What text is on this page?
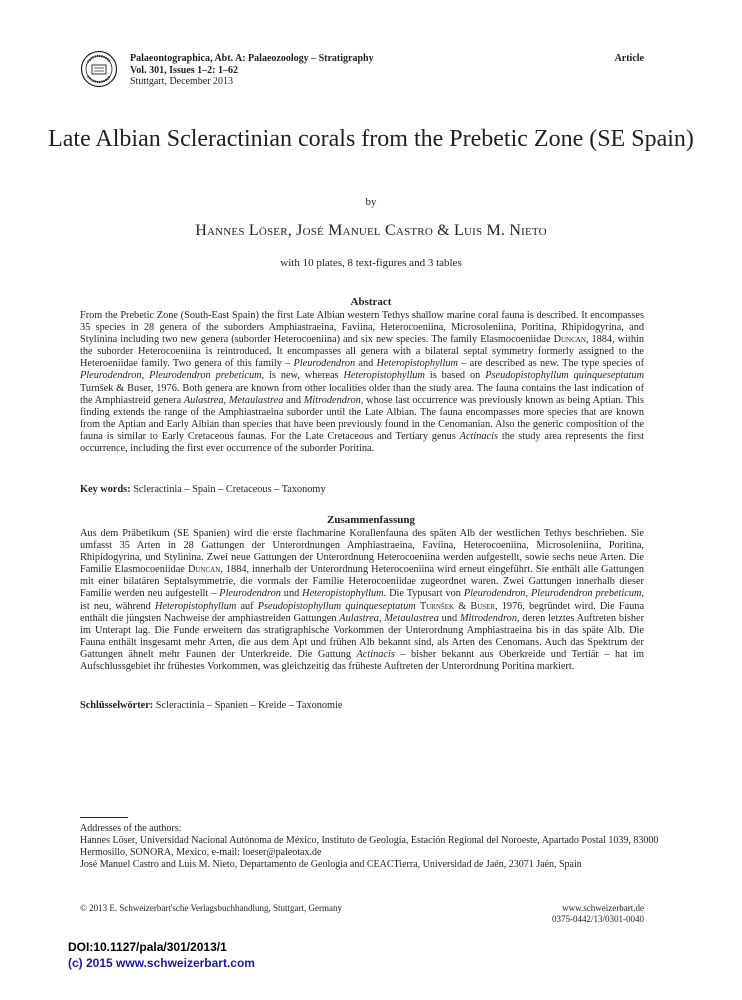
Palaeontographica, Abt. A: Palaeozoology – Stratigraphy
Vol. 301, Issues 1–2: 1–62
Stuttgart, December 2013
Article
Late Albian Scleractinian corals from the Prebetic Zone (SE Spain)
by
Hannes Löser, José Manuel Castro & Luis M. Nieto
with 10 plates, 8 text-figures and 3 tables
Abstract
From the Prebetic Zone (South-East Spain) the first Late Albian western Tethys shallow marine coral fauna is described. It encompasses 35 species in 28 genera of the suborders Amphiastraeina, Faviina, Heterocoeniina, Microsoleniina, Poritina, Rhipidogyrina, and Stylinina including two new genera (suborder Heterocoeniina) and six new species. The family Elasmocoeniidae Duncan, 1884, within the suborder Heterocoeniina is reintroduced. It encompasses all genera with a bilateral septal symmetry formerly assigned to the Heteroeniidae family. Two genera of this family – Pleurodendron and Heteropistophyllum – are described as new. The type species of Pleurodendron, Pleurodendron prebeticum, is new, whereas Heteropistophyllum is based on Pseudopistophyllum quinqueseptatum Turnšek & Buser, 1976. Both genera are known from other localities older than the study area. The fauna contains the last indication of the Amphiastreid genera Aulastrea, Metaulastrea and Mitrodendron, whose last occurrence was previously known as being Aptian. This finding extends the range of the Amphiastraeina suborder until the Late Albian. The fauna encompasses more species that are known from the Aptian and Early Albian than species that have been previously found in the Cenomanian. Also the generic composition of the fauna is similar to Early Cretaceous faunas. For the Late Cretaceous and Tertiary genus Actinacis the study area represents the first occurrence, including the first ever occurrence of the suborder Poritina.
Key words: Scleractinia – Spain – Cretaceous – Taxonomy
Zusammenfassung
Aus dem Präbetikum (SE Spanien) wird die erste flachmarine Korallenfauna des späten Alb der westlichen Tethys beschrieben. Sie umfasst 35 Arten in 28 Gattungen der Unterordnungen Amphiastraeina, Faviina, Heterocoeniina, Microsoleniina, Poritina, Rhipidogyrina, und Stylinina. Zwei neue Gattungen der Unterordnung Heterocoeniina werden aufgestellt, sowie sechs neue Arten. Die Familie Elasmocoeniidae Duncan, 1884, innerhalb der Unterordnung Heterocoeniina wird erneut eingeführt. Sie enthält alle Gattungen mit einer bilatären Septalsymmetrie, die vormals der Familie Heterocoeniidae zugeordnet waren. Zwei Gattungen innerhalb dieser Familie werden neu aufgestellt – Pleurodendron und Heteropistophyllum. Die Typusart von Pleurodendron, Pleurodendron prebeticum, ist neu, während Heteropistophyllum auf Pseudopistophyllum quinqueseptatum Turnšek & Buser, 1976, begründet wird. Die Fauna enthält die jüngsten Nachweise der amphiastreiden Gattungen Aulastrea, Metaulastrea und Mitrodendron, deren letztes Auftreten bisher im Unterapt lag. Die Funde erweitern das stratigraphische Vorkommen der Unterordnung Amphiastraeina bis in das späte Alb. Die Fauna enthält insgesamt mehr Arten, die aus dem Apt und frühen Alb bekannt sind, als Arten des Cenomans. Auch das Spektrum der Gattungen ähnelt mehr Faunen der Unterkreide. Die Gattung Actinacis – bisher bekannt aus Oberkreide und Tertiär – hat im Aufschlussgebiet ihr frühestes Vorkommen, was gleichzeitig das früheste Auftreten der Unterordnung Poritina markiert.
Schlüsselwörter: Scleractinia – Spanien – Kreide – Taxonomie
Addresses of the authors:
Hannes Löser, Universidad Nacional Autónoma de México, Instituto de Geología, Estación Regional del Noroeste, Apartado Postal 1039, 83000 Hermosillo, SONORA, Mexico, e-mail: loeser@paleotax.de
José Manuel Castro and Luis M. Nieto, Departamento de Geologia and CEACTierra, Universidad de Jaén, 23071 Jaén, Spain
© 2013 E. Schweizerbart'sche Verlagsbuchhandlung, Stuttgart, Germany	www.schweizerbart.de
0375-0442/13/0301-0040
DOI:10.1127/pala/301/2013/1
(c) 2015 www.schweizerbart.com
